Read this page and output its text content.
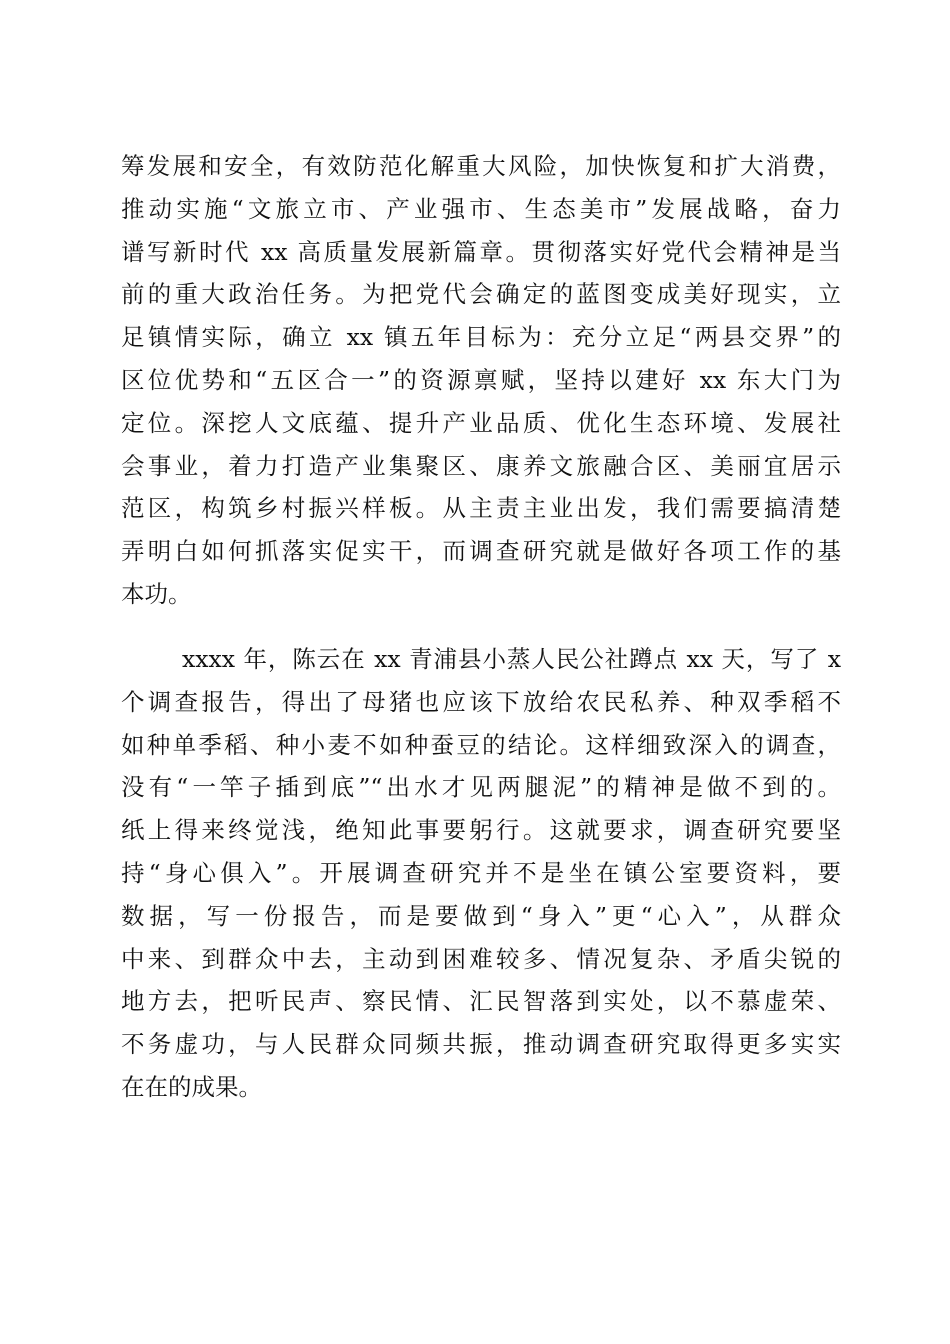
筹发展和安全，有效防范化解重大风险，加快恢复和扩大消费，
推动实施“文旅立市、产业强市、生态美市”发展战略，奋力
谱写新时代 xx 高质量发展新篇章。贯彻落实好党代会精神是当
前的重大政治任务。为把党代会确定的蓝图变成美好现实，立
足镇情实际，确立 xx 镇五年目标为：充分立足“两县交界”的
区位优势和“五区合一”的资源禀赋，坚持以建好 xx 东大门为
定位。深挖人文底蕴、提升产业品质、优化生态环境、发展社
会事业，着力打造产业集聚区、康养文旅融合区、美丽宜居示
范区，构筑乡村振兴样板。从主责主业出发，我们需要搞清楚
弄明白如何抓落实促实干，而调查研究就是做好各项工作的基
本功。
xxxx 年，陈云在 xx 青浦县小蒸人民公社蹲点 xx 天，写了 x
个调查报告，得出了母猪也应该下放给农民私养、种双季稻不
如种单季稻、种小麦不如种蚕豆的结论。这样细致深入的调查，
没有“一竿子插到底”“出水才见两腿泥”的精神是做不到的。
纸上得来终觉浅，绝知此事要躬行。这就要求，调查研究要坚
持“身心俱入”。开展调查研究并不是坐在镇公室要资料，要
数据，写一份报告，而是要做到“身入”更“心入”，从群众
中来、到群众中去，主动到困难较多、情况复杂、矛盾尖锐的
地方去，把听民声、察民情、汇民智落到实处，以不慕虚荣、
不务虚功，与人民群众同频共振，推动调查研究取得更多实实
在在的成果。
